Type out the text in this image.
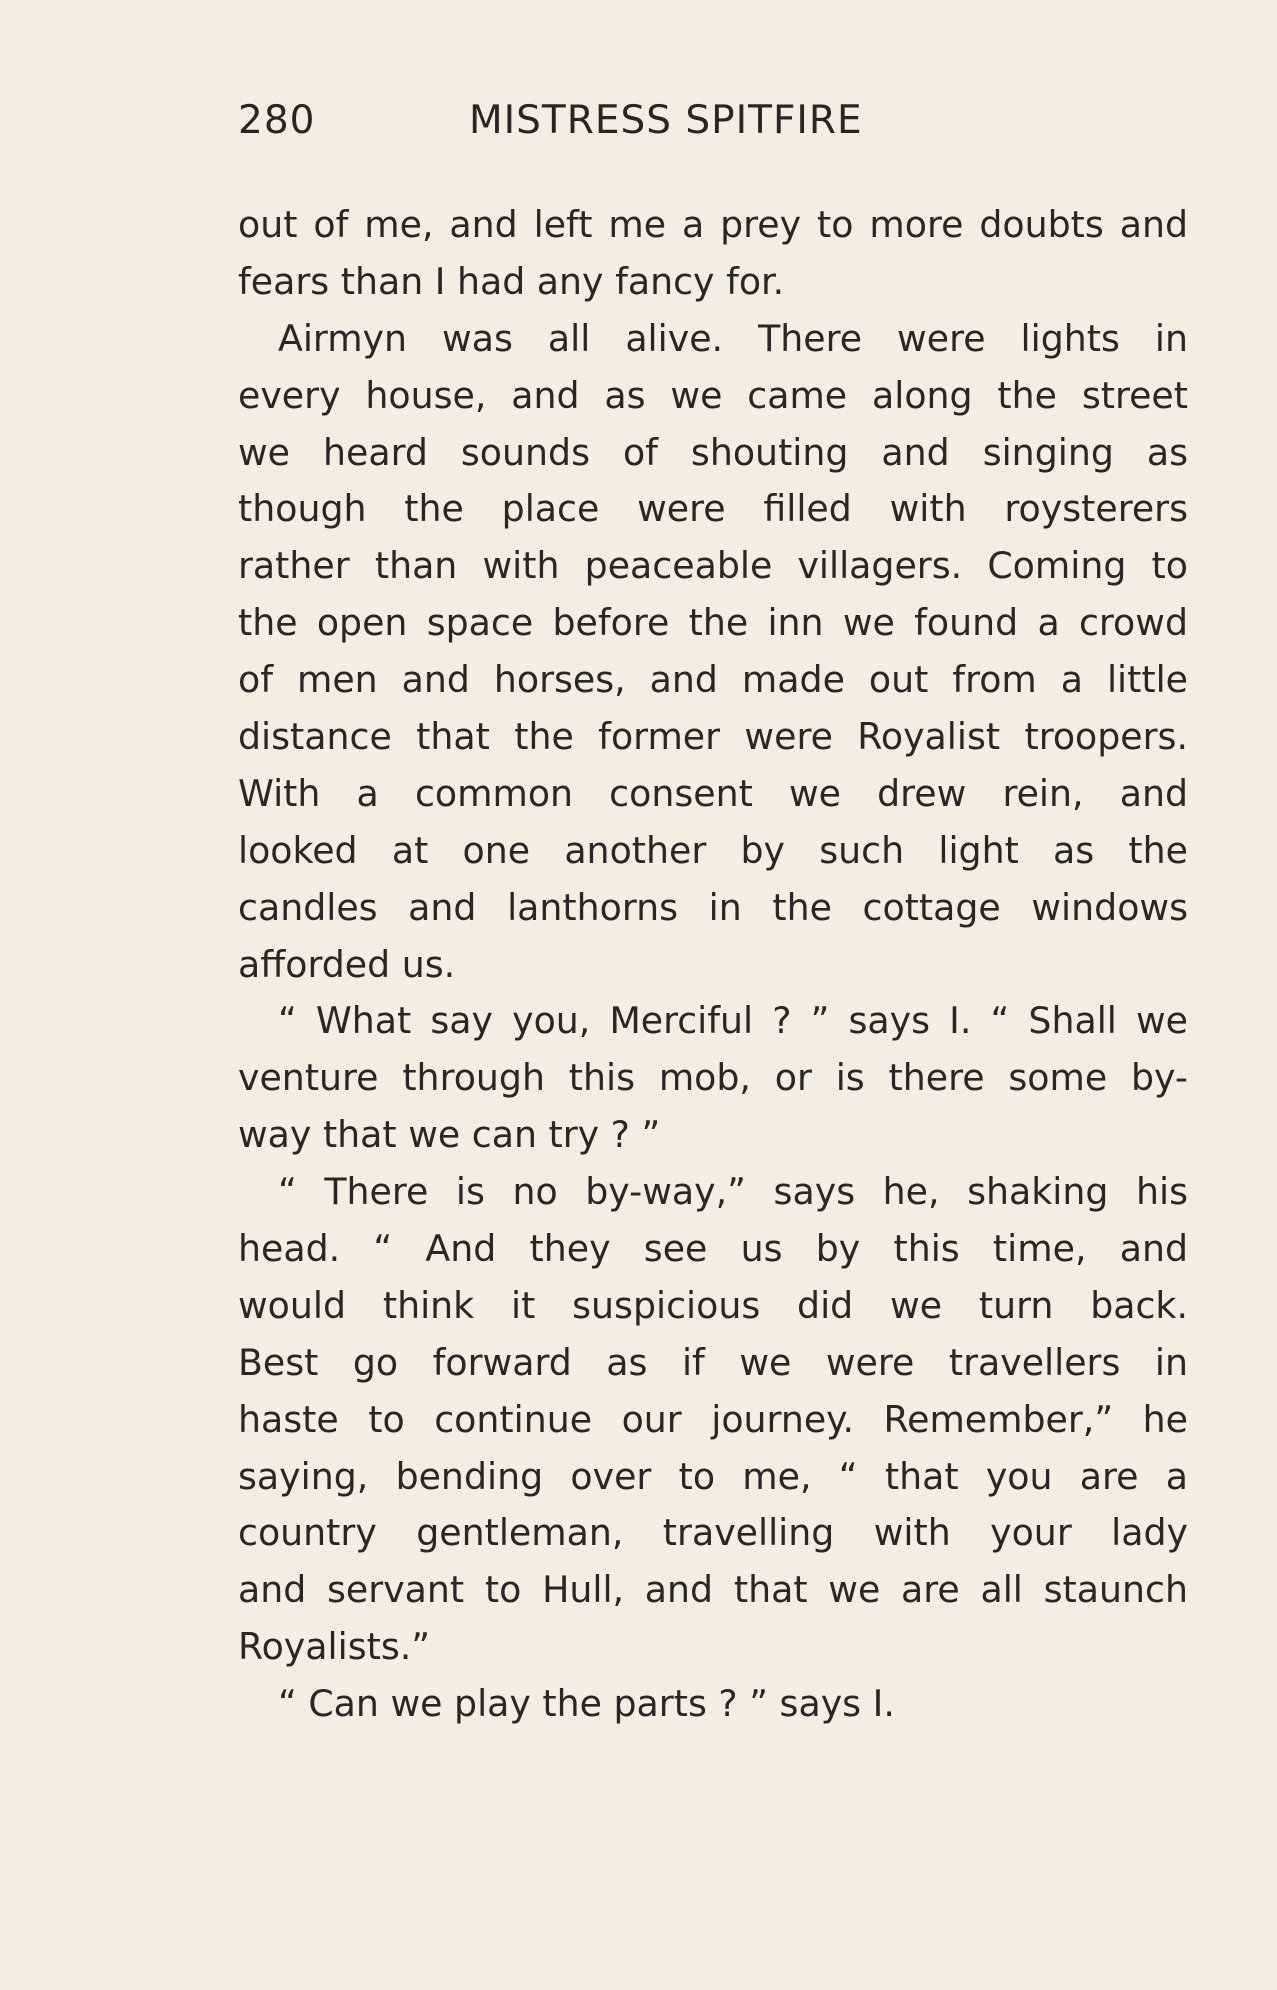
280	MISTRESS SPITFIRE
out of me, and left me a prey to more doubts and
fears than I had any fancy for.
Airmyn was all alive. There were lights in
every house, and as we came along the street
we heard sounds of shouting and singing as
though the place were filled with roysterers
rather than with peaceable villagers. Coming to
the open space before the inn we found a crowd
of men and horses, and made out from a little
distance that the former were Royalist troopers.
With a common consent we drew rein, and
looked at one another by such light as the
candles and lanthorns in the cottage windows
afforded us.
“ What say you, Merciful ? ” says I. “ Shall we
venture through this mob, or is there some by-
way that we can try ? ”
“ There is no by-way,” says he, shaking his
head. “ And they see us by this time, and
would think it suspicious did we turn back.
Best go forward as if we were travellers in
haste to continue our journey. Remember,” he
saying, bending over to me, “ that you are a
country gentleman, travelling with your lady
and servant to Hull, and that we are all staunch
Royalists.”
“ Can we play the parts ? ” says I.
